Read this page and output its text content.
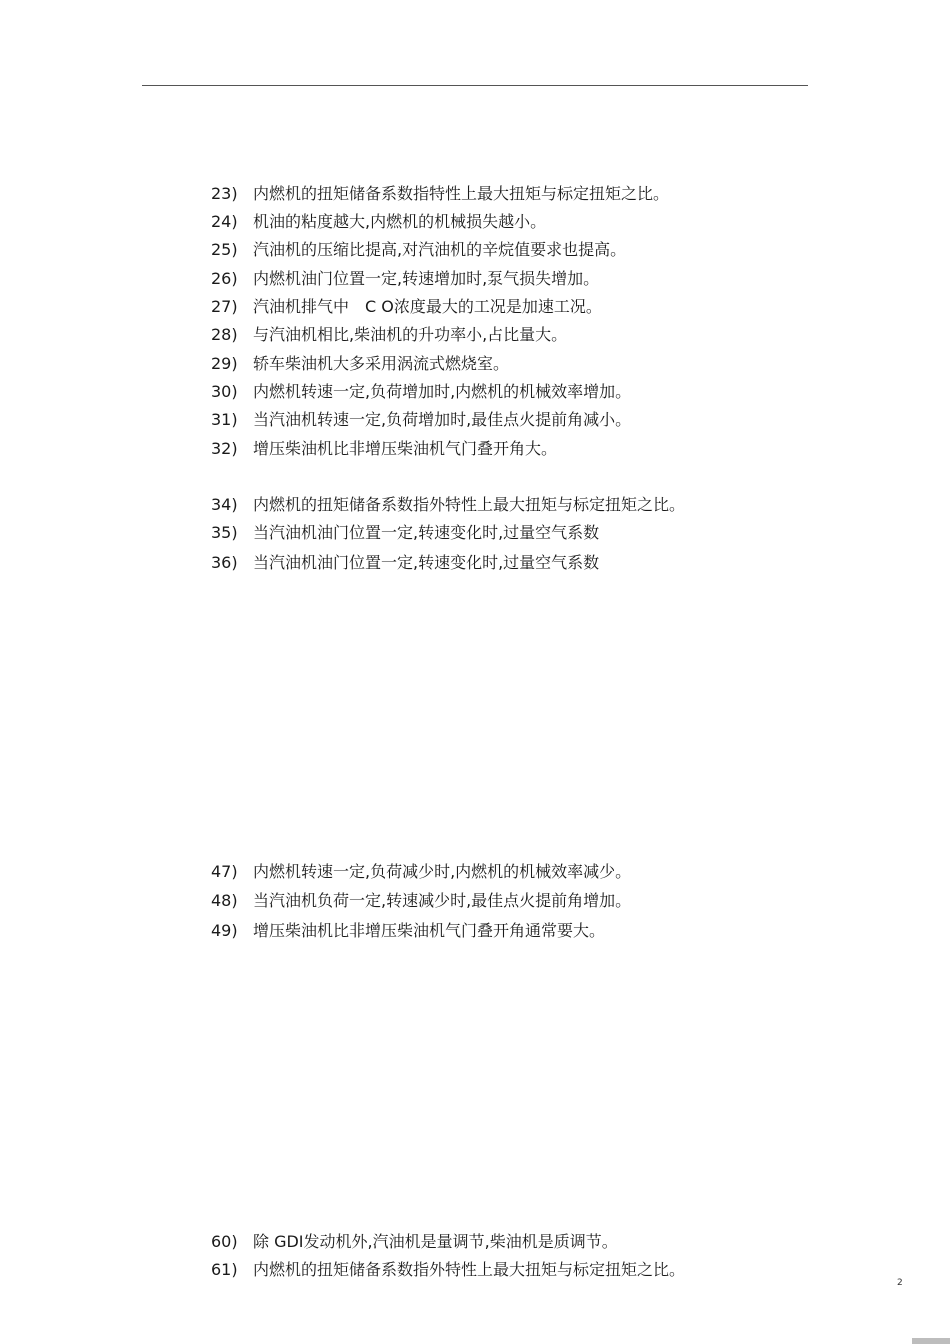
23) 内燃机的扭矩储备系数指特性上最大扭矩与标定扭矩之比。
24) 机油的粘度越大,内燃机的机械损失越小。
25) 汽油机的压缩比提高,对汽油机的辛烷值要求也提高。
26) 内燃机油门位置一定,转速增加时,泵气损失增加。
27) 汽油机排气中　C O浓度最大的工况是加速工况。
28) 与汽油机相比,柴油机的升功率小,占比量大。
29) 轿车柴油机大多采用涡流式燃烧室。
30) 内燃机转速一定,负荷增加时,内燃机的机械效率增加。
31) 当汽油机转速一定,负荷增加时,最佳点火提前角减小。
32) 增压柴油机比非增压柴油机气门叠开角大。
34) 内燃机的扭矩储备系数指外特性上最大扭矩与标定扭矩之比。
35) 当汽油机油门位置一定,转速变化时,过量空气系数
36) 当汽油机油门位置一定,转速变化时,过量空气系数
47) 内燃机转速一定,负荷减少时,内燃机的机械效率减少。
48) 当汽油机负荷一定,转速减少时,最佳点火提前角增加。
49) 增压柴油机比非增压柴油机气门叠开角通常要大。
60) 除 GDI发动机外,汽油机是量调节,柴油机是质调节。
61) 内燃机的扭矩储备系数指外特性上最大扭矩与标定扭矩之比。
2
